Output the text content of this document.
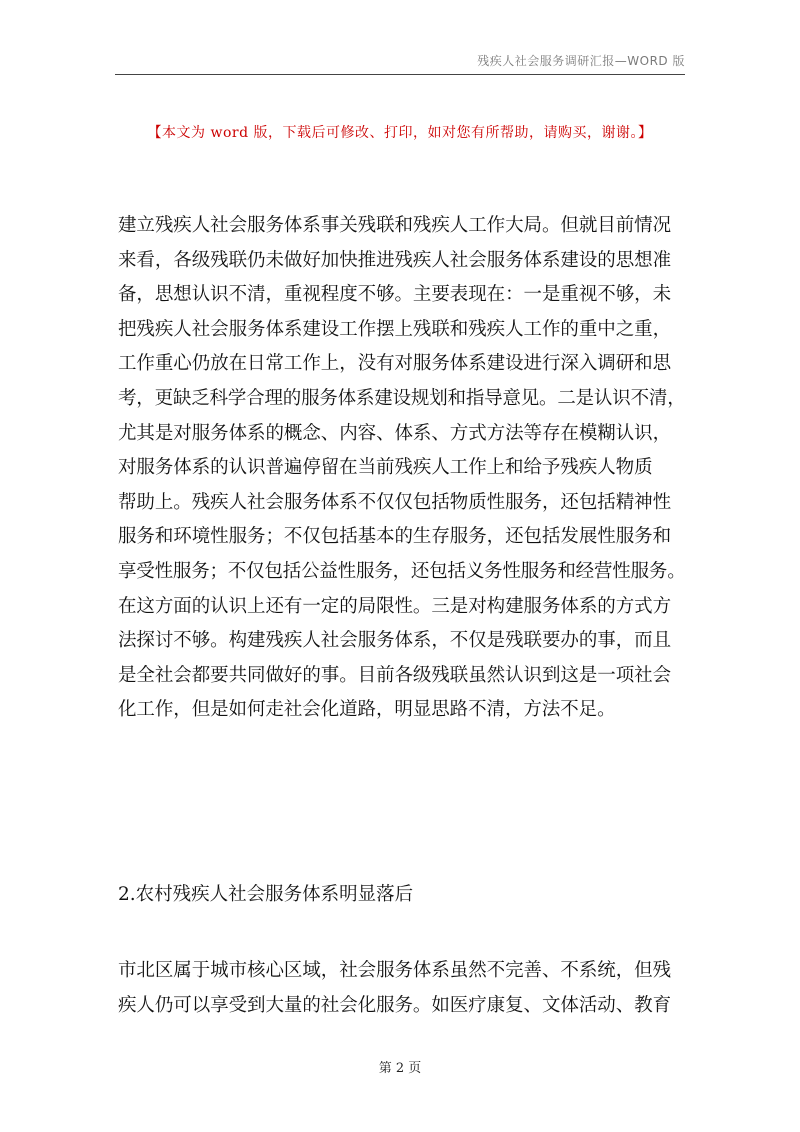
残疾人社会服务调研汇报—WORD 版
【本文为 word 版，下载后可修改、打印，如对您有所帮助，请购买，谢谢。】
建立残疾人社会服务体系事关残联和残疾人工作大局。但就目前情况
来看，各级残联仍未做好加快推进残疾人社会服务体系建设的思想准
备，思想认识不清，重视程度不够。主要表现在：一是重视不够，未
把残疾人社会服务体系建设工作摆上残联和残疾人工作的重中之重，
工作重心仍放在日常工作上，没有对服务体系建设进行深入调研和思
考，更缺乏科学合理的服务体系建设规划和指导意见。二是认识不清，
尤其是对服务体系的概念、内容、体系、方式方法等存在模糊认识，
对服务体系的认识普遍停留在当前残疾人工作上和给予残疾人物质
帮助上。残疾人社会服务体系不仅仅包括物质性服务，还包括精神性
服务和环境性服务；不仅包括基本的生存服务，还包括发展性服务和
享受性服务；不仅包括公益性服务，还包括义务性服务和经营性服务。
在这方面的认识上还有一定的局限性。三是对构建服务体系的方式方
法探讨不够。构建残疾人社会服务体系，不仅是残联要办的事，而且
是全社会都要共同做好的事。目前各级残联虽然认识到这是一项社会
化工作，但是如何走社会化道路，明显思路不清，方法不足。
2.农村残疾人社会服务体系明显落后
市北区属于城市核心区域，社会服务体系虽然不完善、不系统，但残
疾人仍可以享受到大量的社会化服务。如医疗康复、文体活动、教育
第 2 页
